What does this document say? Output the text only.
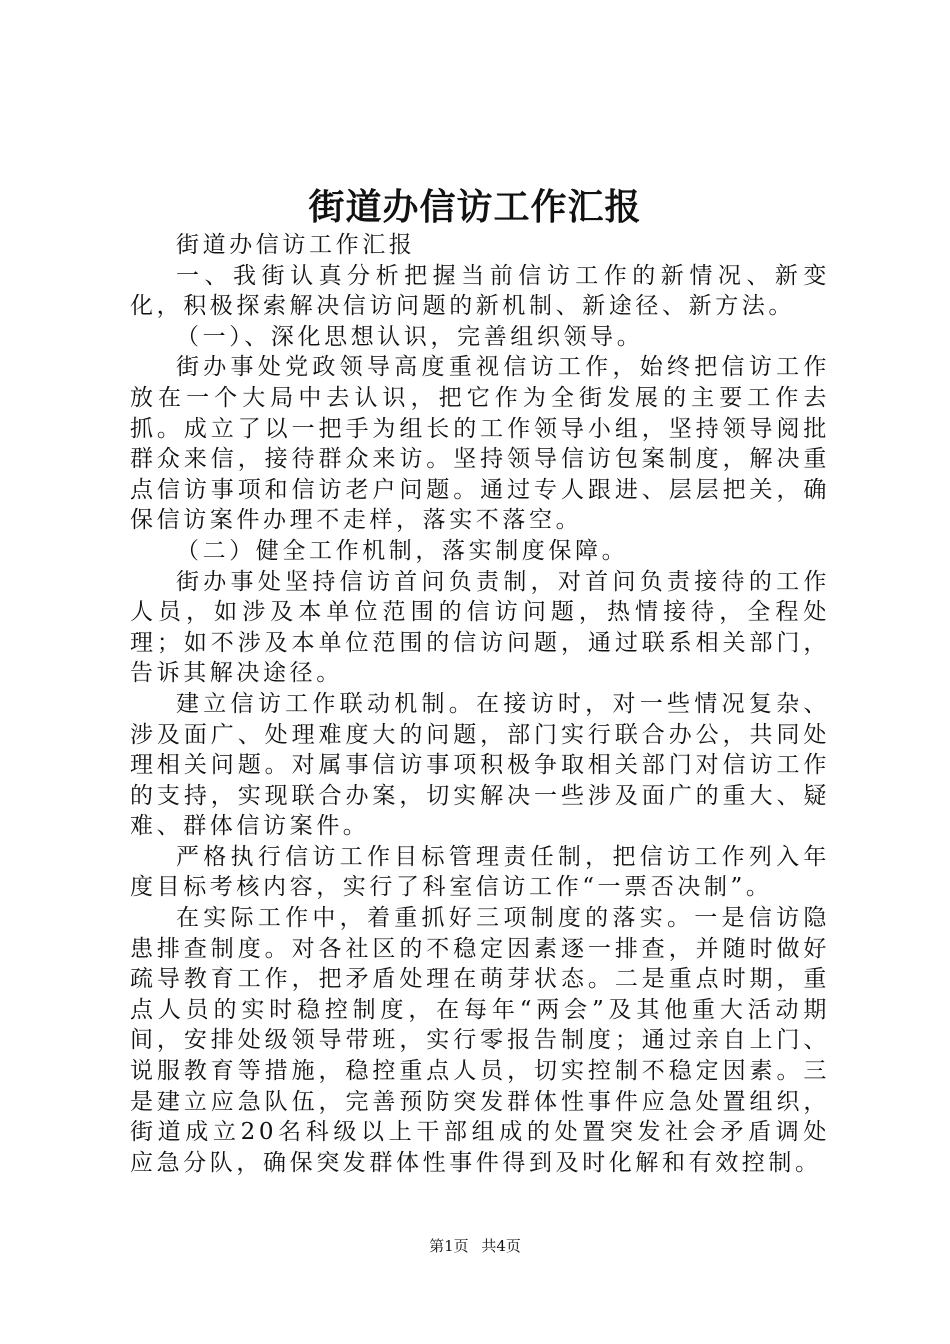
街道办信访工作汇报

街道办信访工作汇报

一、我街认真分析把握当前信访工作的新情况、新变化，积极探索解决信访问题的新机制、新途径、新方法。

（一）、深化思想认识，完善组织领导。

街办事处党政领导高度重视信访工作，始终把信访工作放在一个大局中去认识，把它作为全街发展的主要工作去抓。成立了以一把手为组长的工作领导小组，坚持领导阅批群众来信，接待群众来访。坚持领导信访包案制度，解决重点信访事项和信访老户问题。通过专人跟进、层层把关，确保信访案件办理不走样，落实不落空。

（二）健全工作机制，落实制度保障。

街办事处坚持信访首问负责制，对首问负责接待的工作人员，如涉及本单位范围的信访问题，热情接待，全程处理；如不涉及本单位范围的信访问题，通过联系相关部门，告诉其解决途径。

建立信访工作联动机制。在接访时，对一些情况复杂、涉及面广、处理难度大的问题，部门实行联合办公，共同处理相关问题。对属事信访事项积极争取相关部门对信访工作的支持，实现联合办案，切实解决一些涉及面广的重大、疑难、群体信访案件。

严格执行信访工作目标管理责任制，把信访工作列入年度目标考核内容，实行了科室信访工作“一票否决制”。

在实际工作中，着重抓好三项制度的落实。一是信访隐患排查制度。对各社区的不稳定因素逐一排查，并随时做好疏导教育工作，把矛盾处理在萌芽状态。二是重点时期，重点人员的实时稳控制度，在每年“两会”及其他重大活动期间，安排处级领导带班，实行零报告制度；通过亲自上门、说服教育等措施，稳控重点人员，切实控制不稳定因素。三是建立应急队伍，完善预防突发群体性事件应急处置组织，街道成立20名科级以上干部组成的处置突发社会矛盾调处应急分队，确保突发群体性事件得到及时化解和有效控制。

第1页 共4页
